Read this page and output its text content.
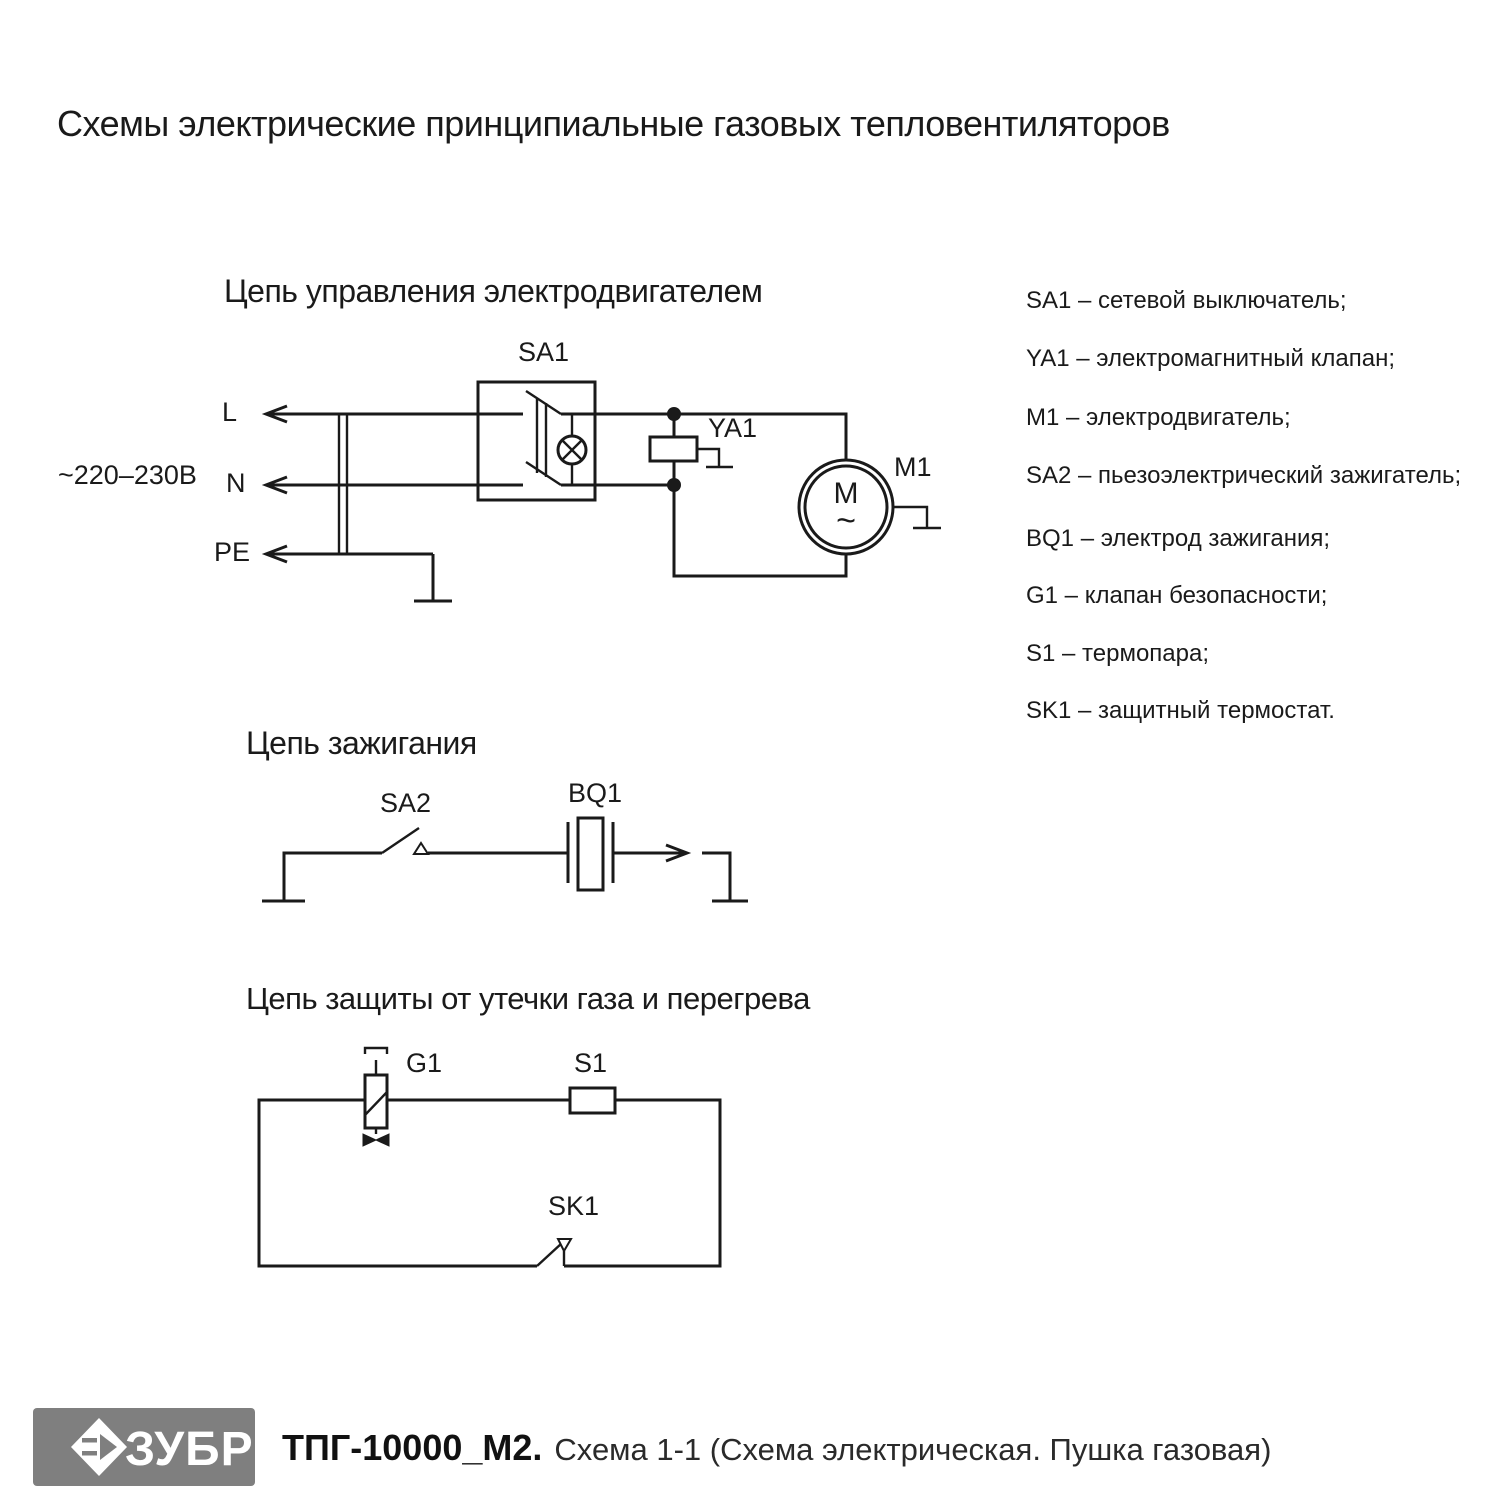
Схемы электрические принципиальные газовых тепловентиляторов
Цепь управления электродвигателем
~220–230В
L
N
PE
SA1
YA1
M1
M
~
Цепь зажигания
SA2	BQ1
Цепь защиты от утечки газа и перегрева
G1	S1
SK1
SA1 – сетевой выключатель;
YA1 – электромагнитный клапан;
M1 – электродвигатель;
SA2 – пьезоэлектрический зажигатель;
BQ1 – электрод зажигания;
G1 – клапан безопасности;
S1 – термопара;
SK1 – защитный термостат.
ЗУБР ТПГ-10000_М2. Схема 1-1 (Схема электрическая. Пушка газовая)
